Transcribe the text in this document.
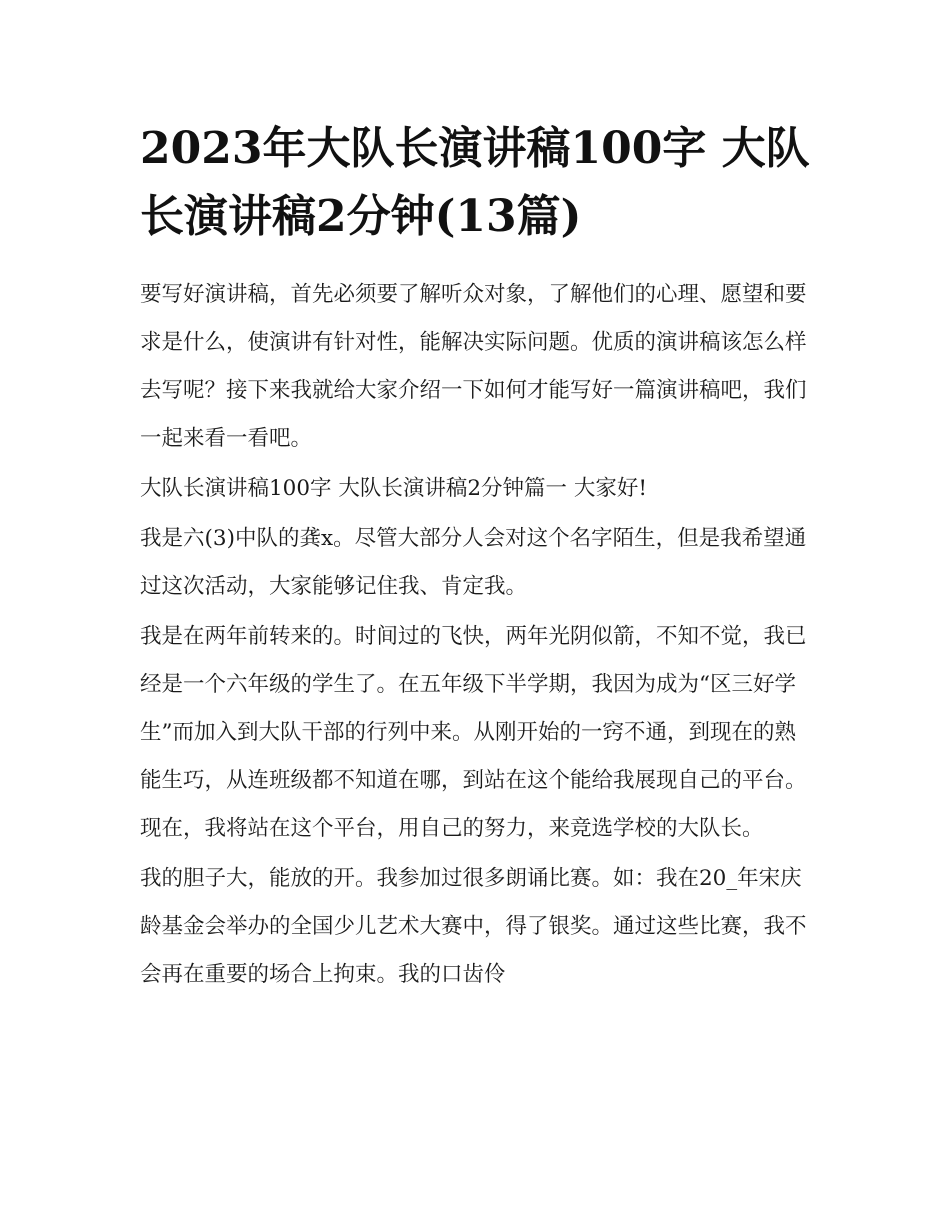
2023年大队长演讲稿100字 大队长演讲稿2分钟(13篇)

要写好演讲稿，首先必须要了解听众对象，了解他们的心理、愿望和要求是什么，使演讲有针对性，能解决实际问题。优质的演讲稿该怎么样去写呢？接下来我就给大家介绍一下如何才能写好一篇演讲稿吧，我们一起来看一看吧。

大队长演讲稿100字 大队长演讲稿2分钟篇一 大家好!

我是六(3)中队的龚x。尽管大部分人会对这个名字陌生，但是我希望通过这次活动，大家能够记住我、肯定我。

我是在两年前转来的。时间过的飞快，两年光阴似箭，不知不觉，我已经是一个六年级的学生了。在五年级下半学期，我因为成为“区三好学生”而加入到大队干部的行列中来。从刚开始的一窍不通，到现在的熟能生巧，从连班级都不知道在哪，到站在这个能给我展现自己的平台。现在，我将站在这个平台，用自己的努力，来竞选学校的大队长。

我的胆子大，能放的开。我参加过很多朗诵比赛。如：我在20_年宋庆龄基金会举办的全国少儿艺术大赛中，得了银奖。通过这些比赛，我不会再在重要的场合上拘束。我的口齿伶
